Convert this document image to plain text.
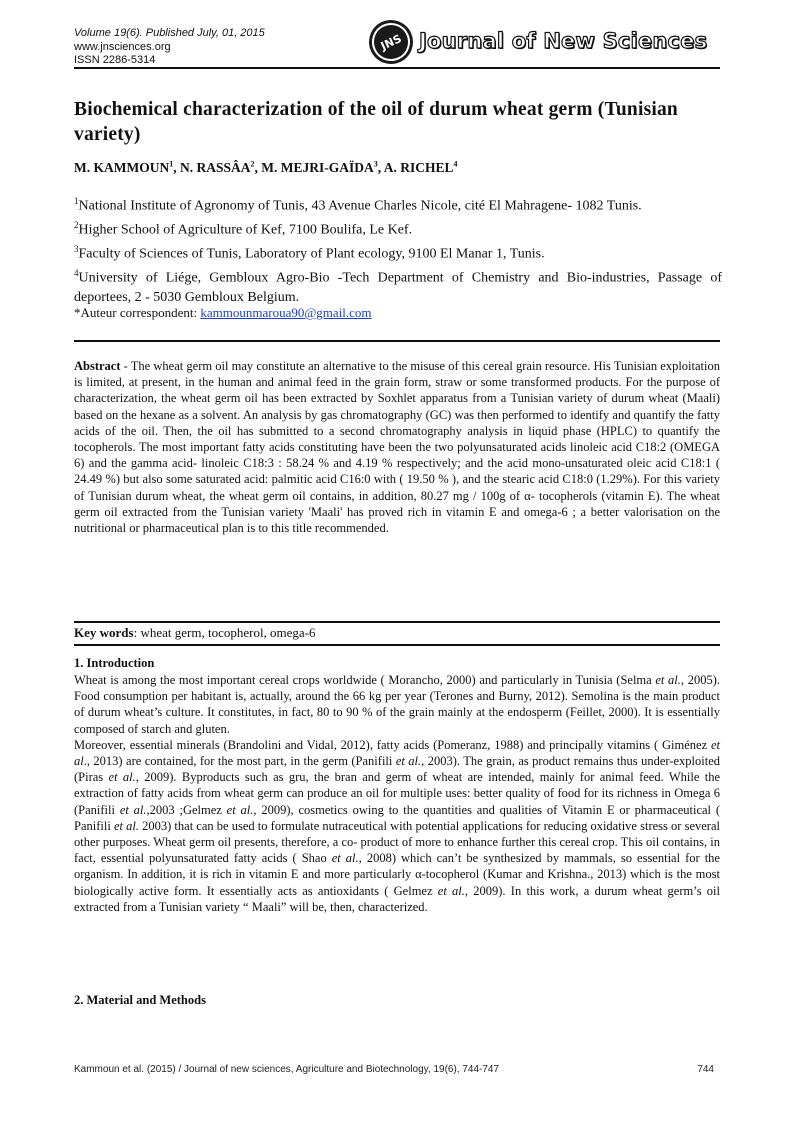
Volume 19(6). Published July, 01, 2015
www.jnsciences.org
ISSN 2286-5314
JNS Journal of New Sciences
Biochemical characterization of the oil of durum wheat germ (Tunisian variety)
M. KAMMOUN$^1$, N. RASSÂA$^2$, M. MEJRI-GAÏDA$^3$, A. RICHEL$^4$

$^1$National Institute of Agronomy of Tunis, 43 Avenue Charles Nicole, cité El Mahragene- 1082 Tunis.

$^2$Higher School of Agriculture of Kef, 7100 Boulifa, Le Kef.

$^3$Faculty of Sciences of Tunis, Laboratory of Plant ecology, 9100 El Manar 1, Tunis.

$^4$University of Liége, Gembloux Agro-Bio -Tech Department of Chemistry and Bio-industries, Passage of deportees, 2 - 5030 Gembloux Belgium.

*Auteur correspondent: kammounmaroua90@gmail.com

Abstract - The wheat germ oil may constitute an alternative to the misuse of this cereal grain resource. His Tunisian exploitation is limited, at present, in the human and animal feed in the grain form, straw or some transformed products. For the purpose of characterization, the wheat germ oil has been extracted by Soxhlet apparatus from a Tunisian variety of durum wheat (Maali) based on the hexane as a solvent. An analysis by gas chromatography (GC) was then performed to identify and quantify the fatty acids of the oil. Then, the oil has submitted to a second chromatography analysis in liquid phase (HPLC) to quantify the tocopherols. The most important fatty acids constituting have been the two polyunsaturated acids linoleic acid C18:2 (OMEGA 6) and the gamma acid- linoleic C18:3 : 58.24 % and 4.19 % respectively; and the acid mono-unsaturated oleic acid C18:1 ( 24.49 %) but also some saturated acid: palmitic acid C16:0 with ( 19.50 % ), and the stearic acid C18:0 (1.29%). For this variety of Tunisian durum wheat, the wheat germ oil contains, in addition, 80.27 mg / 100g of α- tocopherols (vitamin E). The wheat germ oil extracted from the Tunisian variety 'Maali' has proved rich in vitamin E and omega-6 ; a better valorisation on the nutritional or pharmaceutical plan is to this title recommended.

Key words: wheat germ, tocopherol, omega-6
1. Introduction

Wheat is among the most important cereal crops worldwide ( Morancho, 2000) and particularly in Tunisia (Selma et al., 2005). Food consumption per habitant is, actually, around the 66 kg per year (Terones and Burny, 2012). Semolina is the main product of durum wheat’s culture. It constitutes, in fact, 80 to 90 % of the grain mainly at the endosperm (Feillet, 2000). It is essentially composed of starch and gluten.

Moreover, essential minerals (Brandolini and Vidal, 2012), fatty acids (Pomeranz, 1988) and principally vitamins ( Giménez et al., 2013) are contained, for the most part, in the germ (Panifili et al., 2003). The grain, as product remains thus under-exploited (Piras et al., 2009). Byproducts such as gru, the bran and germ of wheat are intended, mainly for animal feed. While the extraction of fatty acids from wheat germ can produce an oil for multiple uses: better quality of food for its richness in Omega 6 (Panifili et al.,2003 ;Gelmez et al., 2009), cosmetics owing to the quantities and qualities of Vitamin E or pharmaceutical ( Panifili et al. 2003) that can be used to formulate nutraceutical with potential applications for reducing oxidative stress or several other purposes. Wheat germ oil presents, therefore, a co- product of more to enhance further this cereal crop. This oil contains, in fact, essential polyunsaturated fatty acids ( Shao et al., 2008) which can’t be synthesized by mammals, so essential for the organism. In addition, it is rich in vitamin E and more particularly α-tocopherol (Kumar and Krishna., 2013) which is the most biologically active form. It essentially acts as antioxidants ( Gelmez et al., 2009). In this work, a durum wheat germ’s oil extracted from a Tunisian variety “ Maali” will be, then, characterized.

2. Material and Methods
Kammoun et al. (2015) / Journal of new sciences, Agriculture and Biotechnology, 19(6), 744-747	744
